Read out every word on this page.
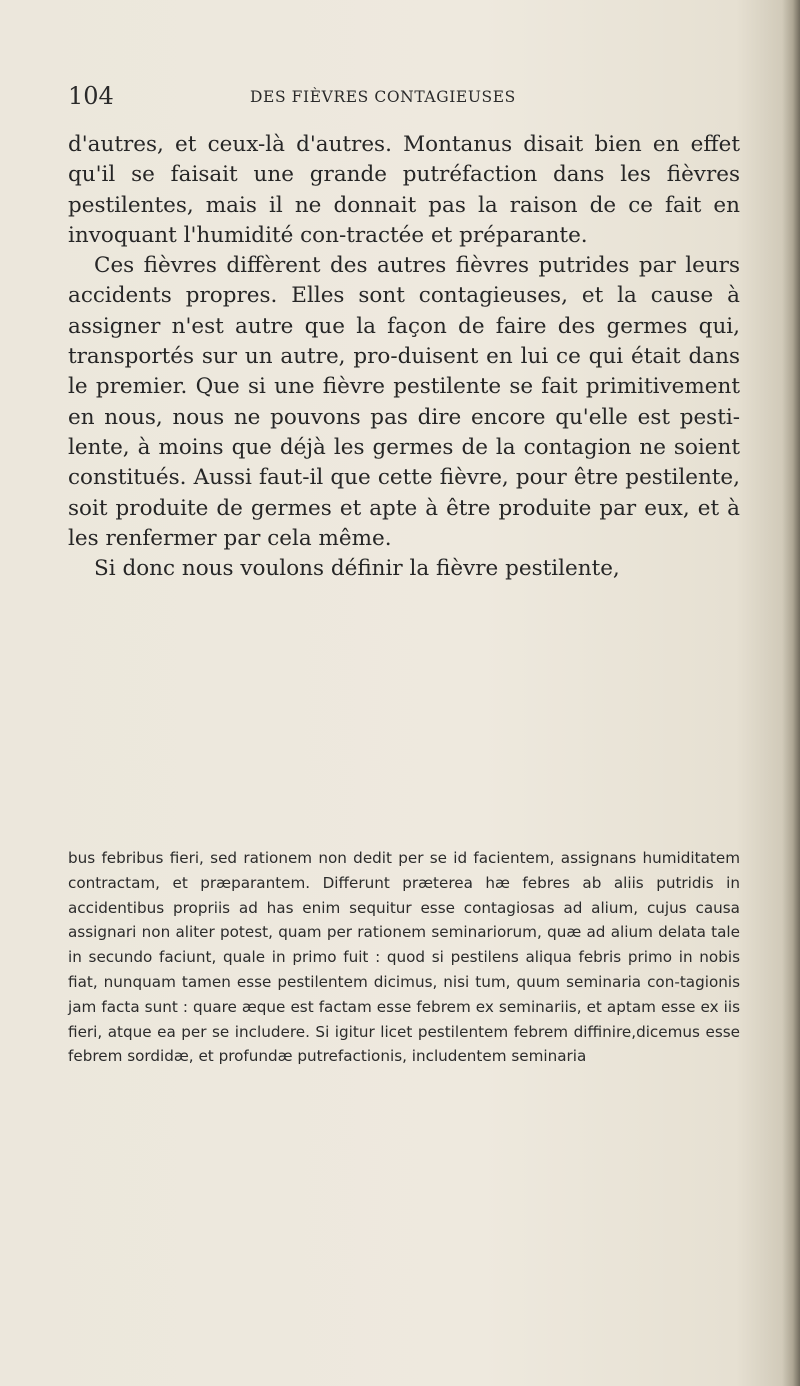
104	DES FIÈVRES CONTAGIEUSES

d'autres, et ceux-là d'autres. Montanus disait bien en effet qu'il se faisait une grande putréfaction dans les fièvres pestilentes, mais il ne donnait pas la raison de ce fait en invoquant l'humidité con-tractée et préparante.

Ces fièvres diffèrent des autres fièvres putrides par leurs accidents propres. Elles sont contagieuses, et la cause à assigner n'est autre que la façon de faire des germes qui, transportés sur un autre, pro-duisent en lui ce qui était dans le premier. Que si une fièvre pestilente se fait primitivement en nous, nous ne pouvons pas dire encore qu'elle est pesti-lente, à moins que déjà les germes de la contagion ne soient constitués. Aussi faut-il que cette fièvre, pour être pestilente, soit produite de germes et apte à être produite par eux, et à les renfermer par cela même.

Si donc nous voulons définir la fièvre pestilente,

bus febribus fieri, sed rationem non dedit per se id facientem, assignans humiditatem contractam, et præparantem. Differunt præterea hæ febres ab aliis putridis in accidentibus propriis ad has enim sequitur esse contagiosas ad alium, cujus causa assignari non aliter potest, quam per rationem seminariorum, quæ ad alium delata tale in secundo faciunt, quale in primo fuit : quod si pestilens aliqua febris primo in nobis fiat, nunquam tamen esse pestilentem dicimus, nisi tum, quum seminaria con-tagionis jam facta sunt : quare æque est factam esse febrem ex seminariis, et aptam esse ex iis fieri, atque ea per se includere. Si igitur licet pestilentem febrem diffinire,dicemus esse febrem sordidæ, et profundæ putrefactionis, includentem seminaria
